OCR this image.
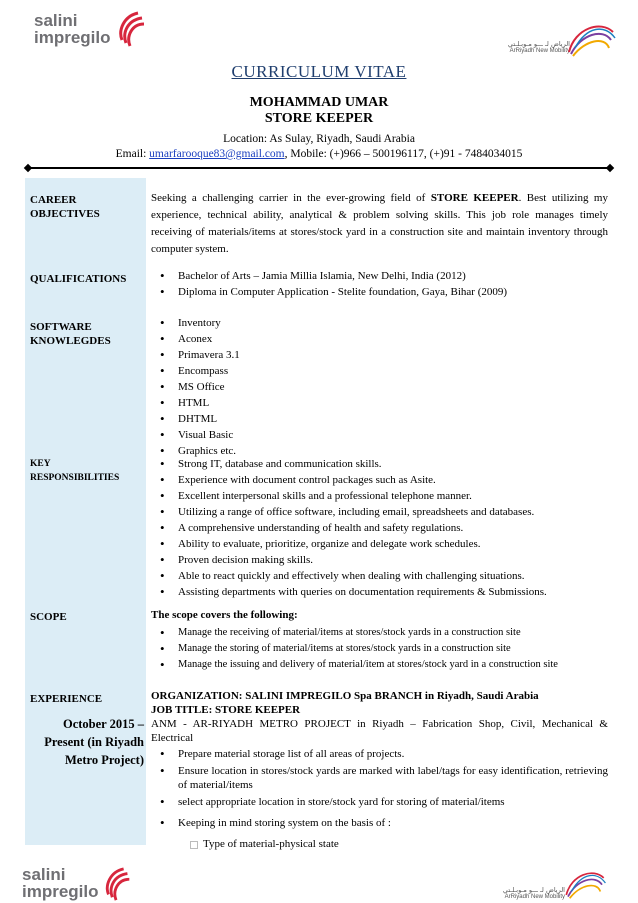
salini
impregilo	الرياض لـ ـــو مـوبـلـتي
ArRiyadh New Mobility
CURRICULUM VITAE
MOHAMMAD UMAR
STORE KEEPER
Location: As Sulay, Riyadh, Saudi Arabia
Email: umarfarooque83@gmail.com, Mobile: (+)966 – 500196117, (+)91 - 7484034015
CAREER
OBJECTIVES
QUALIFICATIONS
SOFTWARE
KNOWLEGDES
KEY
RESPONSIBILITIES
SCOPE
EXPERIENCE
October 2015 – Present (in Riyadh Metro Project)
Seeking a challenging carrier in the ever-growing field of STORE KEEPER. Best utilizing my experience, technical ability, analytical & problem solving skills. This job role manages timely receiving of materials/items at stores/stock yard in a construction site and maintain inventory through computer system.
• Bachelor of Arts – Jamia Millia Islamia, New Delhi, India (2012)
• Diploma in Computer Application - Stelite foundation, Gaya, Bihar (2009)
• Inventory
• Aconex
• Primavera 3.1
• Encompass
• MS Office
• HTML
• DHTML
• Visual Basic
• Graphics etc.
• Strong IT, database and communication skills.
• Experience with document control packages such as Asite.
• Excellent interpersonal skills and a professional telephone manner.
• Utilizing a range of office software, including email, spreadsheets and databases.
• A comprehensive understanding of health and safety regulations.
• Ability to evaluate, prioritize, organize and delegate work schedules.
• Proven decision making skills.
• Able to react quickly and effectively when dealing with challenging situations.
• Assisting departments with queries on documentation requirements & Submissions.
The scope covers the following:
• Manage the receiving of material/items at stores/stock yards in a construction site
• Manage the storing of material/items at stores/stock yards in a construction site
• Manage the issuing and delivery of material/item at stores/stock yard in a construction site
ORGANIZATION: SALINI IMPREGILO Spa BRANCH in Riyadh, Saudi Arabia
JOB TITLE: STORE KEEPER
ANM - AR-RIYADH METRO PROJECT in Riyadh – Fabrication Shop, Civil, Mechanical & Electrical
• Prepare material storage list of all areas of projects.
• Ensure location in stores/stock yards are marked with label/tags for easy identification, retrieving of material/items
• select appropriate location in store/stock yard for storing of material/items
• Keeping in mind storing system on the basis of :
Type of material-physical state
salini
impregilo	الرياض لـ ـــو مـوبـلـتي
ArRiyadh New Mobility
